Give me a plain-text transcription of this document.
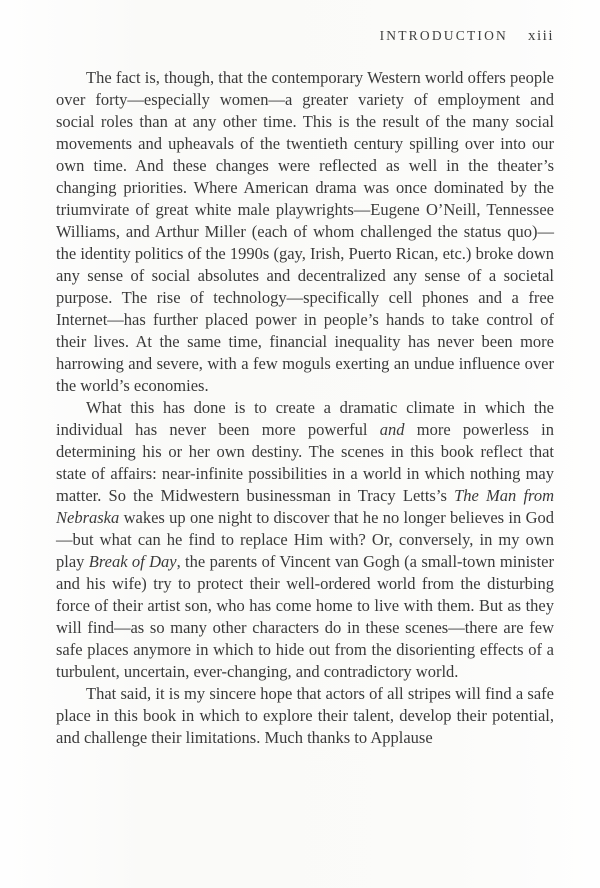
INTRODUCTION xiii

The fact is, though, that the contemporary Western world offers people over forty—especially women—a greater variety of employment and social roles than at any other time. This is the result of the many social movements and upheavals of the twentieth century spilling over into our own time. And these changes were reflected as well in the theater’s changing priorities. Where American drama was once dominated by the triumvirate of great white male playwrights—Eugene O’Neill, Tennessee Williams, and Arthur Miller (each of whom challenged the status quo)—the identity politics of the 1990s (gay, Irish, Puerto Rican, etc.) broke down any sense of social absolutes and decentralized any sense of a societal purpose. The rise of technology—specifically cell phones and a free Internet—has further placed power in people’s hands to take control of their lives. At the same time, financial inequality has never been more harrowing and severe, with a few moguls exerting an undue influence over the world’s economies.

What this has done is to create a dramatic climate in which the individual has never been more powerful and more powerless in determining his or her own destiny. The scenes in this book reflect that state of affairs: near-infinite possibilities in a world in which nothing may matter. So the Midwestern businessman in Tracy Letts’s The Man from Nebraska wakes up one night to discover that he no longer believes in God—but what can he find to replace Him with? Or, conversely, in my own play Break of Day, the parents of Vincent van Gogh (a small-town minister and his wife) try to protect their well-ordered world from the disturbing force of their artist son, who has come home to live with them. But as they will find—as so many other characters do in these scenes—there are few safe places anymore in which to hide out from the disorienting effects of a turbulent, uncertain, ever-changing, and contradictory world.

That said, it is my sincere hope that actors of all stripes will find a safe place in this book in which to explore their talent, develop their potential, and challenge their limitations. Much thanks to Applause
